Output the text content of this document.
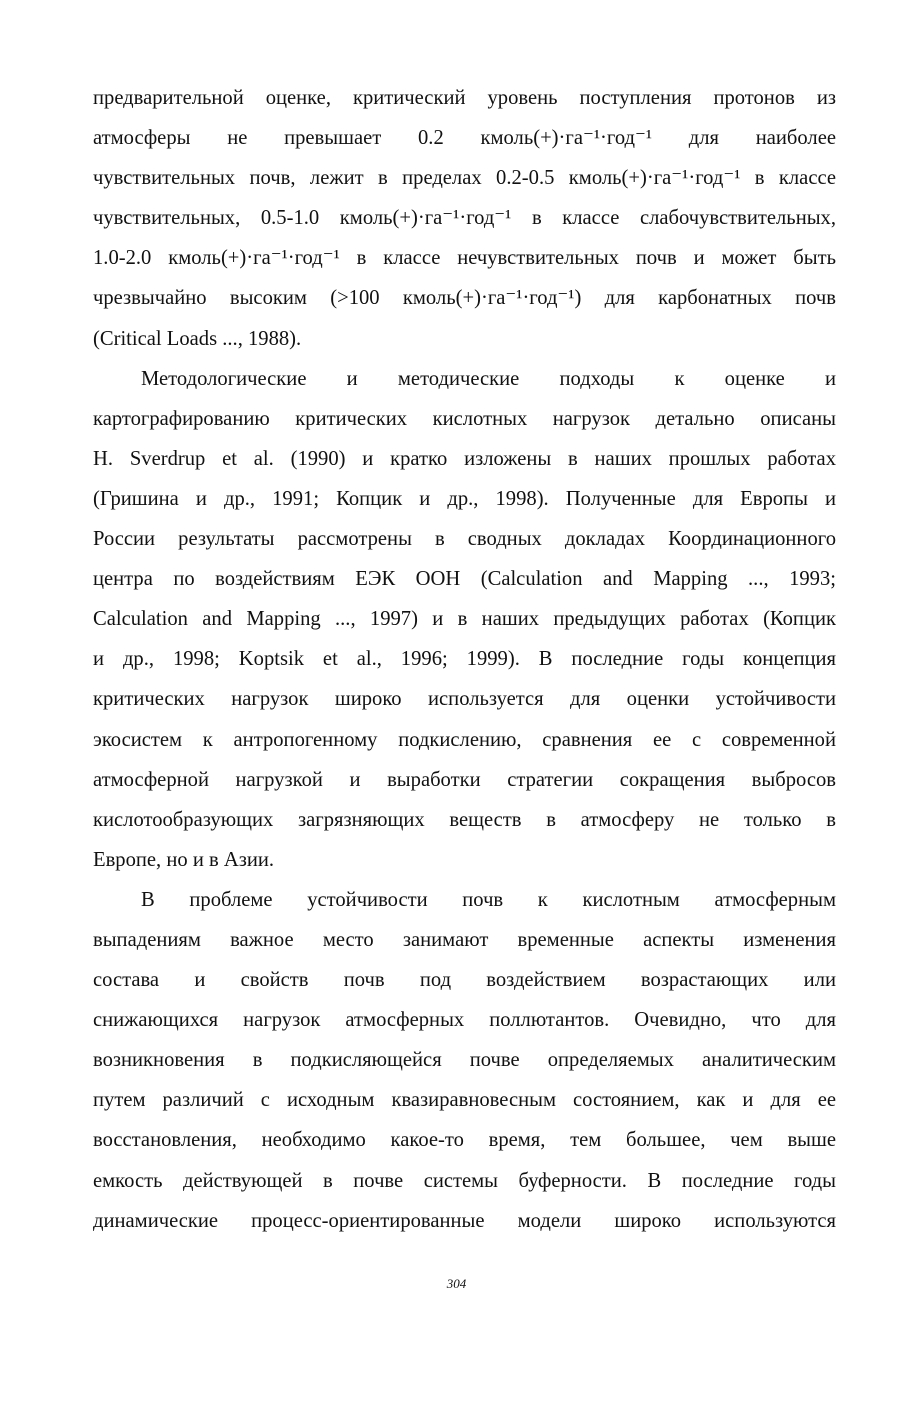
предварительной оценке, критический уровень поступления протонов из
атмосферы не превышает 0.2 кмоль(+)·га⁻¹·год⁻¹ для наиболее
чувствительных почв, лежит в пределах 0.2-0.5 кмоль(+)·га⁻¹·год⁻¹ в классе
чувствительных, 0.5-1.0 кмоль(+)·га⁻¹·год⁻¹ в классе слабочувствительных,
1.0-2.0 кмоль(+)·га⁻¹·год⁻¹ в классе нечувствительных почв и может быть
чрезвычайно высоким (>100 кмоль(+)·га⁻¹·год⁻¹) для карбонатных почв
(Critical Loads ..., 1988).
Методологические и методические подходы к оценке и
картографированию критических кислотных нагрузок детально описаны
H. Sverdrup et al. (1990) и кратко изложены в наших прошлых работах
(Гришина и др., 1991; Копцик и др., 1998). Полученные для Европы и
России результаты рассмотрены в сводных докладах Координационного
центра по воздействиям ЕЭК ООН (Calculation and Mapping ..., 1993;
Calculation and Mapping ..., 1997) и в наших предыдущих работах (Копцик
и др., 1998; Koptsik et al., 1996; 1999). В последние годы концепция
критических нагрузок широко используется для оценки устойчивости
экосистем к антропогенному подкислению, сравнения ее с современной
атмосферной нагрузкой и выработки стратегии сокращения выбросов
кислотообразующих загрязняющих веществ в атмосферу не только в
Европе, но и в Азии.
В проблеме устойчивости почв к кислотным атмосферным
выпадениям важное место занимают временные аспекты изменения
состава и свойств почв под воздействием возрастающих или
снижающихся нагрузок атмосферных поллютантов. Очевидно, что для
возникновения в подкисляющейся почве определяемых аналитическим
путем различий с исходным квазиравновесным состоянием, как и для ее
восстановления, необходимо какое-то время, тем большее, чем выше
емкость действующей в почве системы буферности. В последние годы
динамические процесс-ориентированные модели широко используются
304
